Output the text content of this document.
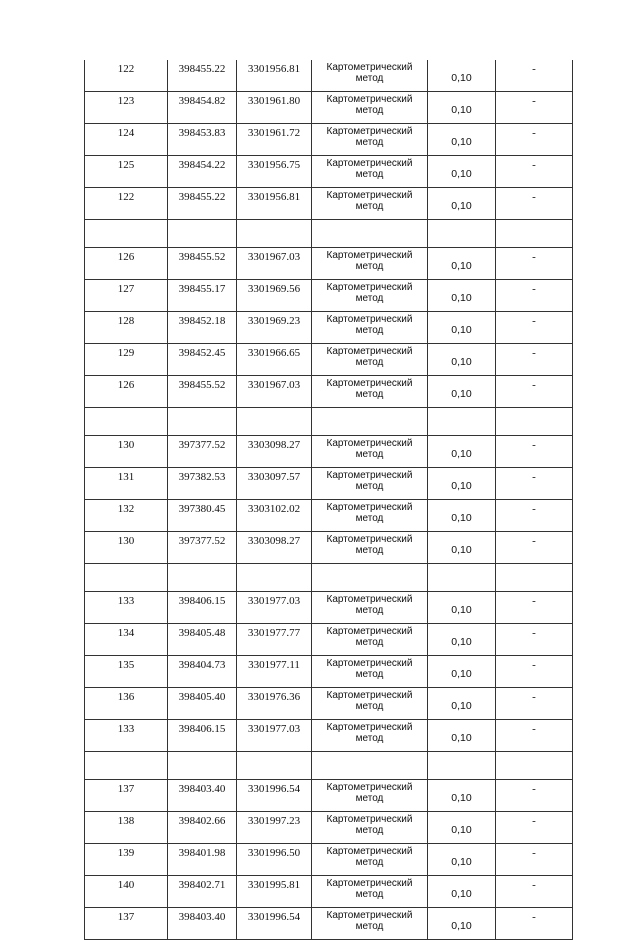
122	398455.22	3301956.81	Картометрический
метод	0,10	-
123	398454.82	3301961.80	Картометрический
метод	0,10	-
124	398453.83	3301961.72	Картометрический
метод	0,10	-
125	398454.22	3301956.75	Картометрический
метод	0,10	-
122	398455.22	3301956.81	Картометрический
метод	0,10	-

126	398455.52	3301967.03	Картометрический
метод	0,10	-
127	398455.17	3301969.56	Картометрический
метод	0,10	-
128	398452.18	3301969.23	Картометрический
метод	0,10	-
129	398452.45	3301966.65	Картометрический
метод	0,10	-
126	398455.52	3301967.03	Картометрический
метод	0,10	-

130	397377.52	3303098.27	Картометрический
метод	0,10	-
131	397382.53	3303097.57	Картометрический
метод	0,10	-
132	397380.45	3303102.02	Картометрический
метод	0,10	-
130	397377.52	3303098.27	Картометрический
метод	0,10	-

133	398406.15	3301977.03	Картометрический
метод	0,10	-
134	398405.48	3301977.77	Картометрический
метод	0,10	-
135	398404.73	3301977.11	Картометрический
метод	0,10	-
136	398405.40	3301976.36	Картометрический
метод	0,10	-
133	398406.15	3301977.03	Картометрический
метод	0,10	-

137	398403.40	3301996.54	Картометрический
метод	0,10	-
138	398402.66	3301997.23	Картометрический
метод	0,10	-
139	398401.98	3301996.50	Картометрический
метод	0,10	-
140	398402.71	3301995.81	Картометрический
метод	0,10	-
137	398403.40	3301996.54	Картометрический
метод	0,10	-
